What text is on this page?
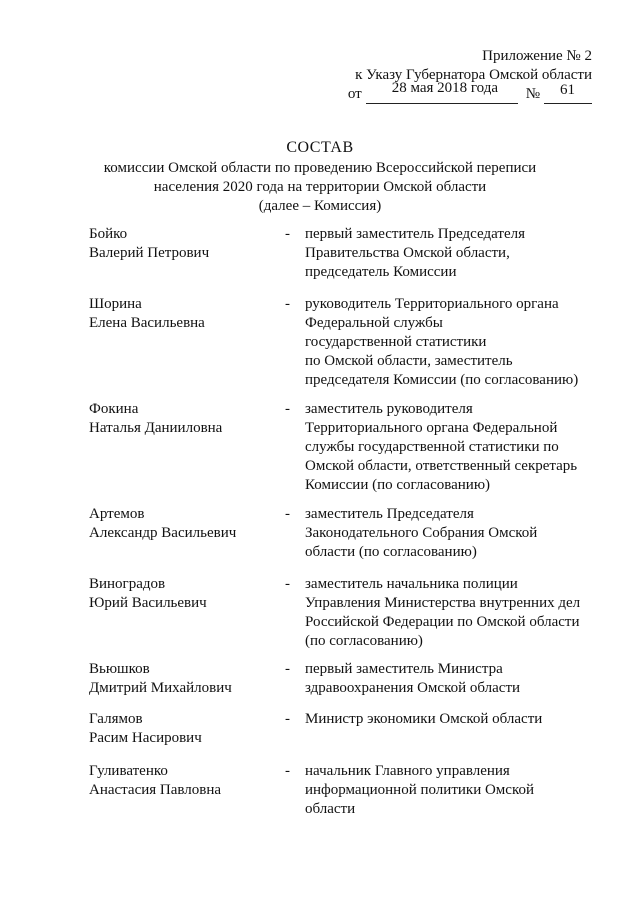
Приложение № 2
к Указу Губернатора Омской области
от 28 мая 2018 года № 61
СОСТАВ
комиссии Омской области по проведению Всероссийской переписи
населения 2020 года на территории Омской области
(далее – Комиссия)
Бойко
Валерий Петрович
- первый заместитель Председателя
Правительства Омской области,
председатель Комиссии
Шорина
Елена Васильевна
- руководитель Территориального органа
Федеральной службы
государственной статистики
по Омской области, заместитель
председателя Комиссии (по согласованию)
Фокина
Наталья Данииловна
- заместитель руководителя
Территориального органа Федеральной
службы государственной статистики по
Омской области, ответственный секретарь
Комиссии (по согласованию)
Артемов
Александр Васильевич
- заместитель Председателя
Законодательного Собрания Омской
области (по согласованию)
Виноградов
Юрий Васильевич
- заместитель начальника полиции
Управления Министерства внутренних дел
Российской Федерации по Омской области
(по согласованию)
Вьюшков
Дмитрий Михайлович
- первый заместитель Министра
здравоохранения Омской области
Галямов
Расим Насирович
- Министр экономики Омской области
Гуливатенко
Анастасия Павловна
- начальник Главного управления
информационной политики Омской
области
